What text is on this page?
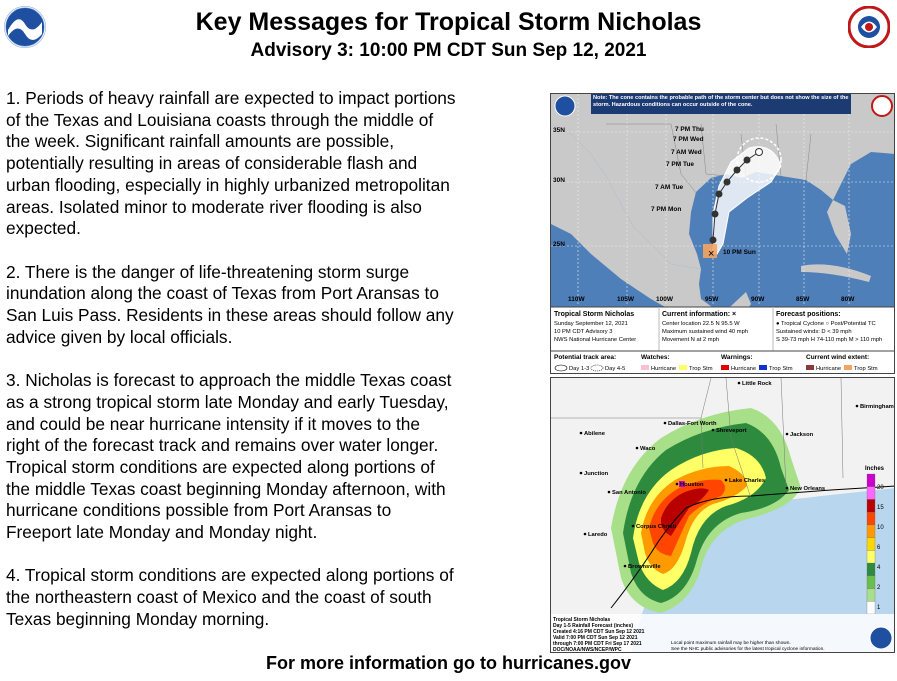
Key Messages for Tropical Storm Nicholas
Advisory 3: 10:00 PM CDT Sun Sep 12, 2021

1. Periods of heavy rainfall are expected to impact portions of the Texas and Louisiana coasts through the middle of the week. Significant rainfall amounts are possible, potentially resulting in areas of considerable flash and urban flooding, especially in highly urbanized metropolitan areas. Isolated minor to moderate river flooding is also expected.

2. There is the danger of life-threatening storm surge inundation along the coast of Texas from Port Aransas to San Luis Pass. Residents in these areas should follow any advice given by local officials.

3. Nicholas is forecast to approach the middle Texas coast as a strong tropical storm late Monday and early Tuesday, and could be near hurricane intensity if it moves to the right of the forecast track and remains over water longer. Tropical storm conditions are expected along portions of the middle Texas coast beginning Monday afternoon, with hurricane conditions possible from Port Aransas to Freeport late Monday and Monday night.

4. Tropical storm conditions are expected along portions of the northeastern coast of Mexico and the coast of south Texas beginning Monday morning.

×
7 PM Thu
7 PM Wed
7 AM Wed
7 PM Tue
7 AM Tue
7 PM Mon
10 PM Sun
35N
30N
25N
110W	105W	100W	95W	90W	85W	80W
Note: The cone contains the probable path of the storm center but does not show the size of the storm. Hazardous conditions can occur outside of the cone.
Tropical Storm Nicholas
Sunday September 12, 2021
10 PM CDT Advisory 3
NWS National Hurricane Center
Current information: ×
Center location 22.5 N 95.5 W
Maximum sustained wind 40 mph
Movement N at 2 mph
Forecast positions:
● Tropical Cyclone ○ Post/Potential TC
Sustained winds: D < 39 mph
S 39-73 mph H 74-110 mph M > 110 mph
Potential track area:
Day 1-3	Day 4-5
Watches:
Hurricane Trop Stm
Warnings:
Hurricane Trop Stm
Current wind extent:
Hurricane Trop Stm
Little Rock
Birmingham
Dallas-Fort Worth
Abilene	Shreveport
Jackson
Waco
Junction
San Antonio
Houston
Lake Charles
New Orleans
Corpus Christi
Laredo
Brownsville
Inches
20
15
10
6
4
2
1
Tropical Storm Nicholas
Day 1-5 Rainfall Forecast (inches)
Created 4:16 PM CDT Sun Sep 12 2021
Valid 7:00 PM CDT Sun Sep 12 2021
through 7:00 PM CDT Fri Sep 17 2021
DOC/NOAA/NWS/NCEP/WPC
Local point maximum rainfall may be higher than shown.
See the NHC public advisories for the latest tropical cyclone information.
For more information go to hurricanes.gov
